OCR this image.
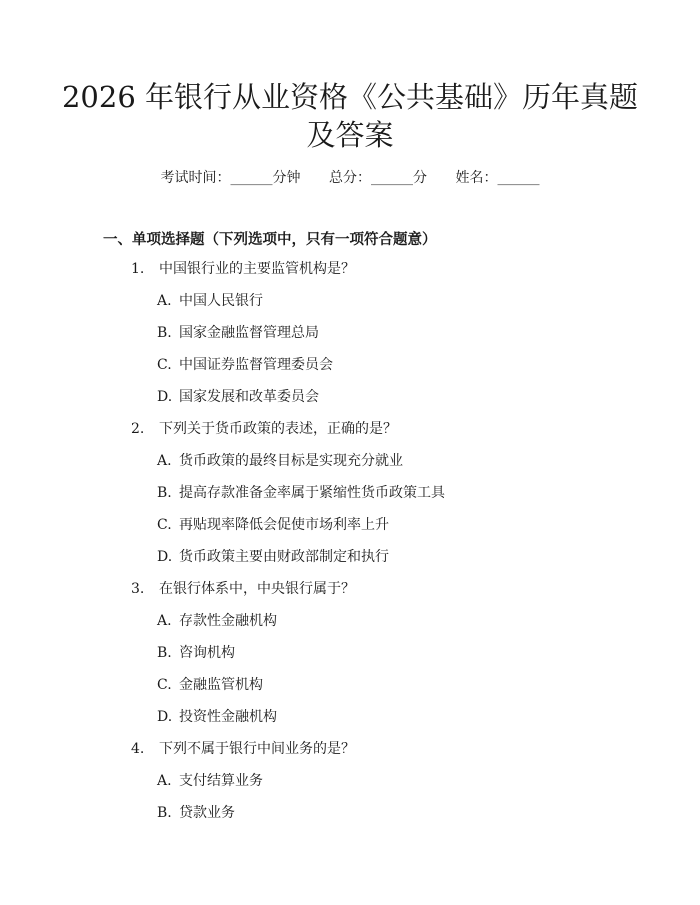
2026 年银行从业资格《公共基础》历年真题
及答案
考试时间：______分钟 总分：______分 姓名：______
一、单项选择题（下列选项中，只有一项符合题意）
1. 中国银行业的主要监管机构是？
A. 中国人民银行
B. 国家金融监督管理总局
C. 中国证券监督管理委员会
D. 国家发展和改革委员会
2. 下列关于货币政策的表述，正确的是？
A. 货币政策的最终目标是实现充分就业
B. 提高存款准备金率属于紧缩性货币政策工具
C. 再贴现率降低会促使市场利率上升
D. 货币政策主要由财政部制定和执行
3. 在银行体系中，中央银行属于？
A. 存款性金融机构
B. 咨询机构
C. 金融监管机构
D. 投资性金融机构
4. 下列不属于银行中间业务的是？
A. 支付结算业务
B. 贷款业务
